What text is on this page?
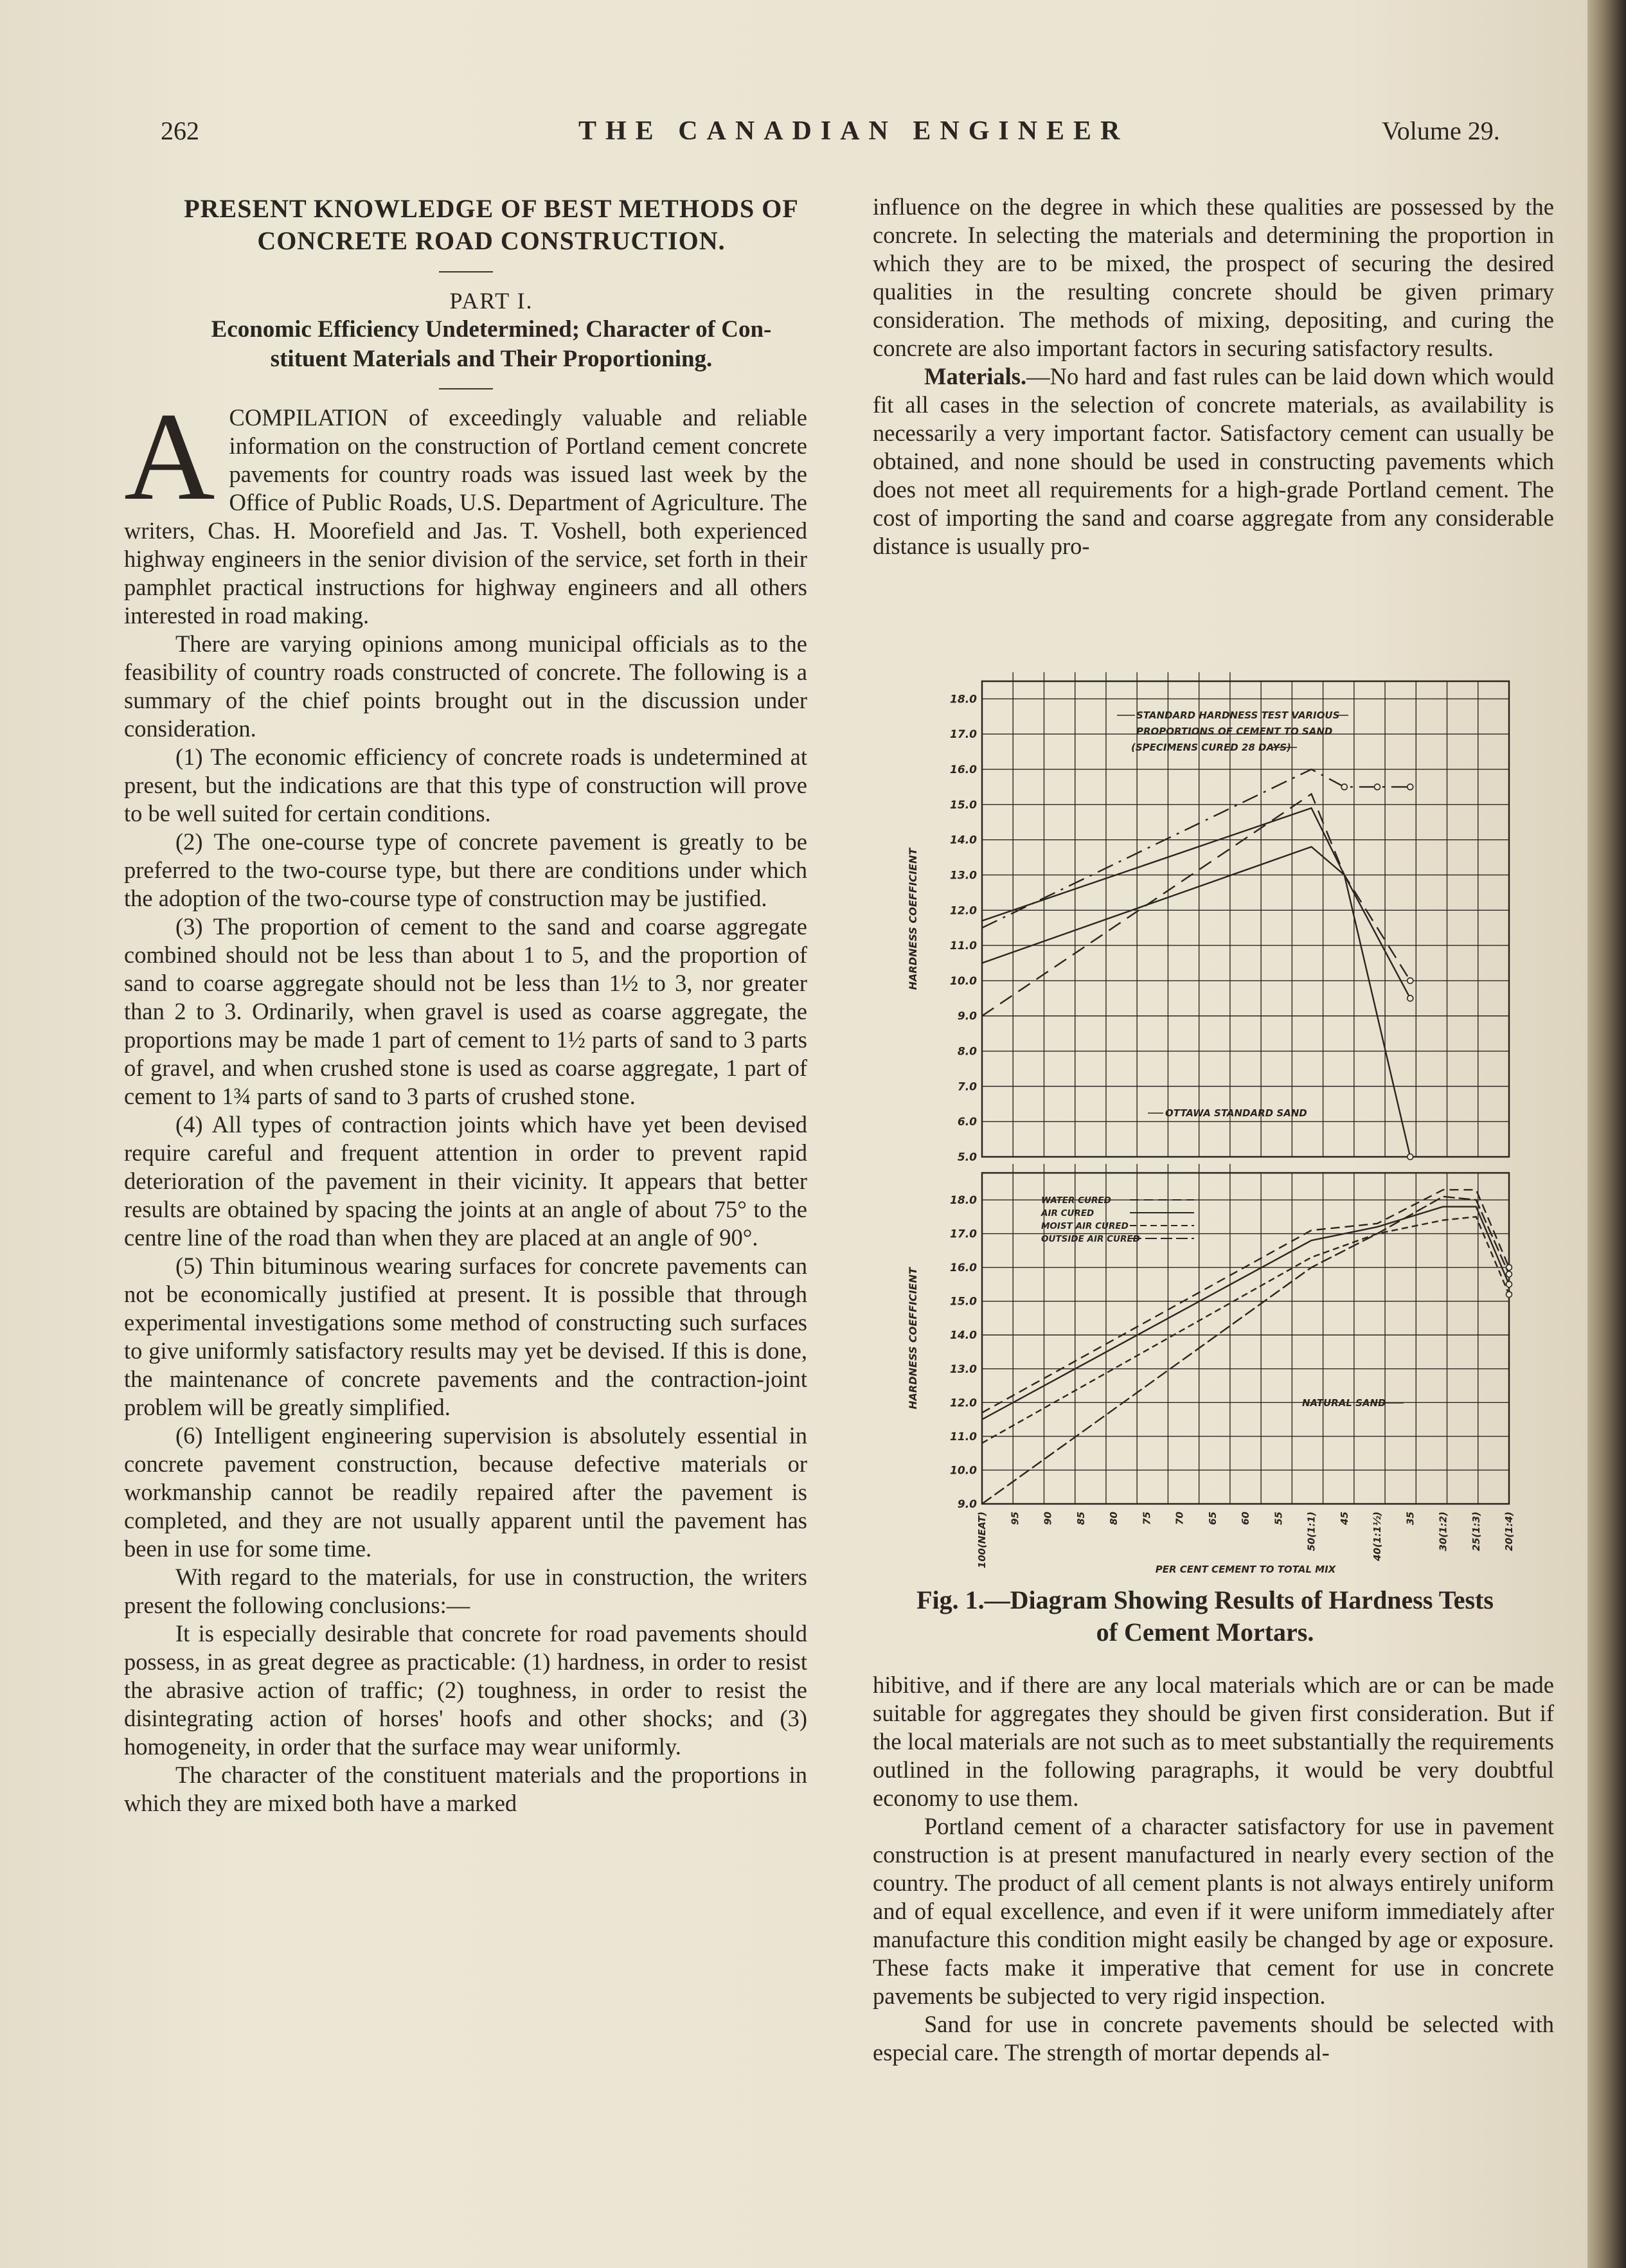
262	THE CANADIAN ENGINEER	Volume 29.

PRESENT KNOWLEDGE OF BEST METHODS OF

CONCRETE ROAD CONSTRUCTION.

PART I.

Economic Efficiency Undetermined; Character of Con-

stituent Materials and Their Proportioning.

A COMPILATION of exceedingly valuable and reliable information on the construction of Portland cement concrete pavements for country roads was issued last week by the Office of Public Roads, U.S. Department of Agriculture. The writers, Chas. H. Moorefield and Jas. T. Voshell, both experienced highway engineers in the senior division of the service, set forth in their pamphlet practical instructions for highway engineers and all others interested in road making.

There are varying opinions among municipal officials as to the feasibility of country roads constructed of concrete. The following is a summary of the chief points brought out in the discussion under consideration.

(1) The economic efficiency of concrete roads is undetermined at present, but the indications are that this type of construction will prove to be well suited for certain conditions.

(2) The one-course type of concrete pavement is greatly to be preferred to the two-course type, but there are conditions under which the adoption of the two-course type of construction may be justified.

(3) The proportion of cement to the sand and coarse aggregate combined should not be less than about 1 to 5, and the proportion of sand to coarse aggregate should not be less than 1½ to 3, nor greater than 2 to 3. Ordinarily, when gravel is used as coarse aggregate, the proportions may be made 1 part of cement to 1½ parts of sand to 3 parts of gravel, and when crushed stone is used as coarse aggregate, 1 part of cement to 1¾ parts of sand to 3 parts of crushed stone.

(4) All types of contraction joints which have yet been devised require careful and frequent attention in order to prevent rapid deterioration of the pavement in their vicinity. It appears that better results are obtained by spacing the joints at an angle of about 75° to the centre line of the road than when they are placed at an angle of 90°.

(5) Thin bituminous wearing surfaces for concrete pavements can not be economically justified at present. It is possible that through experimental investigations some method of constructing such surfaces to give uniformly satisfactory results may yet be devised. If this is done, the maintenance of concrete pavements and the contraction-joint problem will be greatly simplified.

(6) Intelligent engineering supervision is absolutely essential in concrete pavement construction, because defective materials or workmanship cannot be readily repaired after the pavement is completed, and they are not usually apparent until the pavement has been in use for some time.

With regard to the materials, for use in construction, the writers present the following conclusions:—

It is especially desirable that concrete for road pavements should possess, in as great degree as practicable: (1) hardness, in order to resist the abrasive action of traffic; (2) toughness, in order to resist the disintegrating action of horses' hoofs and other shocks; and (3) homogeneity, in order that the surface may wear uniformly.

The character of the constituent materials and the proportions in which they are mixed both have a marked

influence on the degree in which these qualities are possessed by the concrete. In selecting the materials and determining the proportion in which they are to be mixed, the prospect of securing the desired qualities in the resulting concrete should be given primary consideration. The methods of mixing, depositing, and curing the concrete are also important factors in securing satisfactory results.

Materials.—No hard and fast rules can be laid down which would fit all cases in the selection of concrete materials, as availability is necessarily a very important factor. Satisfactory cement can usually be obtained, and none should be used in constructing pavements which does not meet all requirements for a high-grade Portland cement. The cost of importing the sand and coarse aggregate from any considerable distance is usually pro-

5.0
6.0
7.0
8.0
9.0
10.0
11.0
12.0
13.0
14.0
15.0
16.0
17.0
18.0
HARDNESS COEFFICIENT
9.0
10.0
11.0
12.0
13.0
14.0
15.0
16.0
17.0
18.0
HARDNESS COEFFICIENT
STANDARD HARDNESS TEST VARIOUS
PROPORTIONS OF CEMENT TO SAND
(SPECIMENS CURED 28 DAYS)
OTTAWA STANDARD SAND
WATER CURED
AIR CURED
MOIST AIR CURED
OUTSIDE AIR CURED
NATURAL SAND
100(NEAT) 95 90 85 80 75 70 65 60 55 50(1:1) 45 40(1:1½) 35 30(1:2) 25(1:3) 20(1:4)
PER CENT CEMENT TO TOTAL MIX
Fig. 1.—Diagram Showing Results of Hardness Tests
of Cement Mortars.

hibitive, and if there are any local materials which are or can be made suitable for aggregates they should be given first consideration. But if the local materials are not such as to meet substantially the requirements outlined in the following paragraphs, it would be very doubtful economy to use them.

Portland cement of a character satisfactory for use in pavement construction is at present manufactured in nearly every section of the country. The product of all cement plants is not always entirely uniform and of equal excellence, and even if it were uniform immediately after manufacture this condition might easily be changed by age or exposure. These facts make it imperative that cement for use in concrete pavements be subjected to very rigid inspection.

Sand for use in concrete pavements should be selected with especial care. The strength of mortar depends al-
